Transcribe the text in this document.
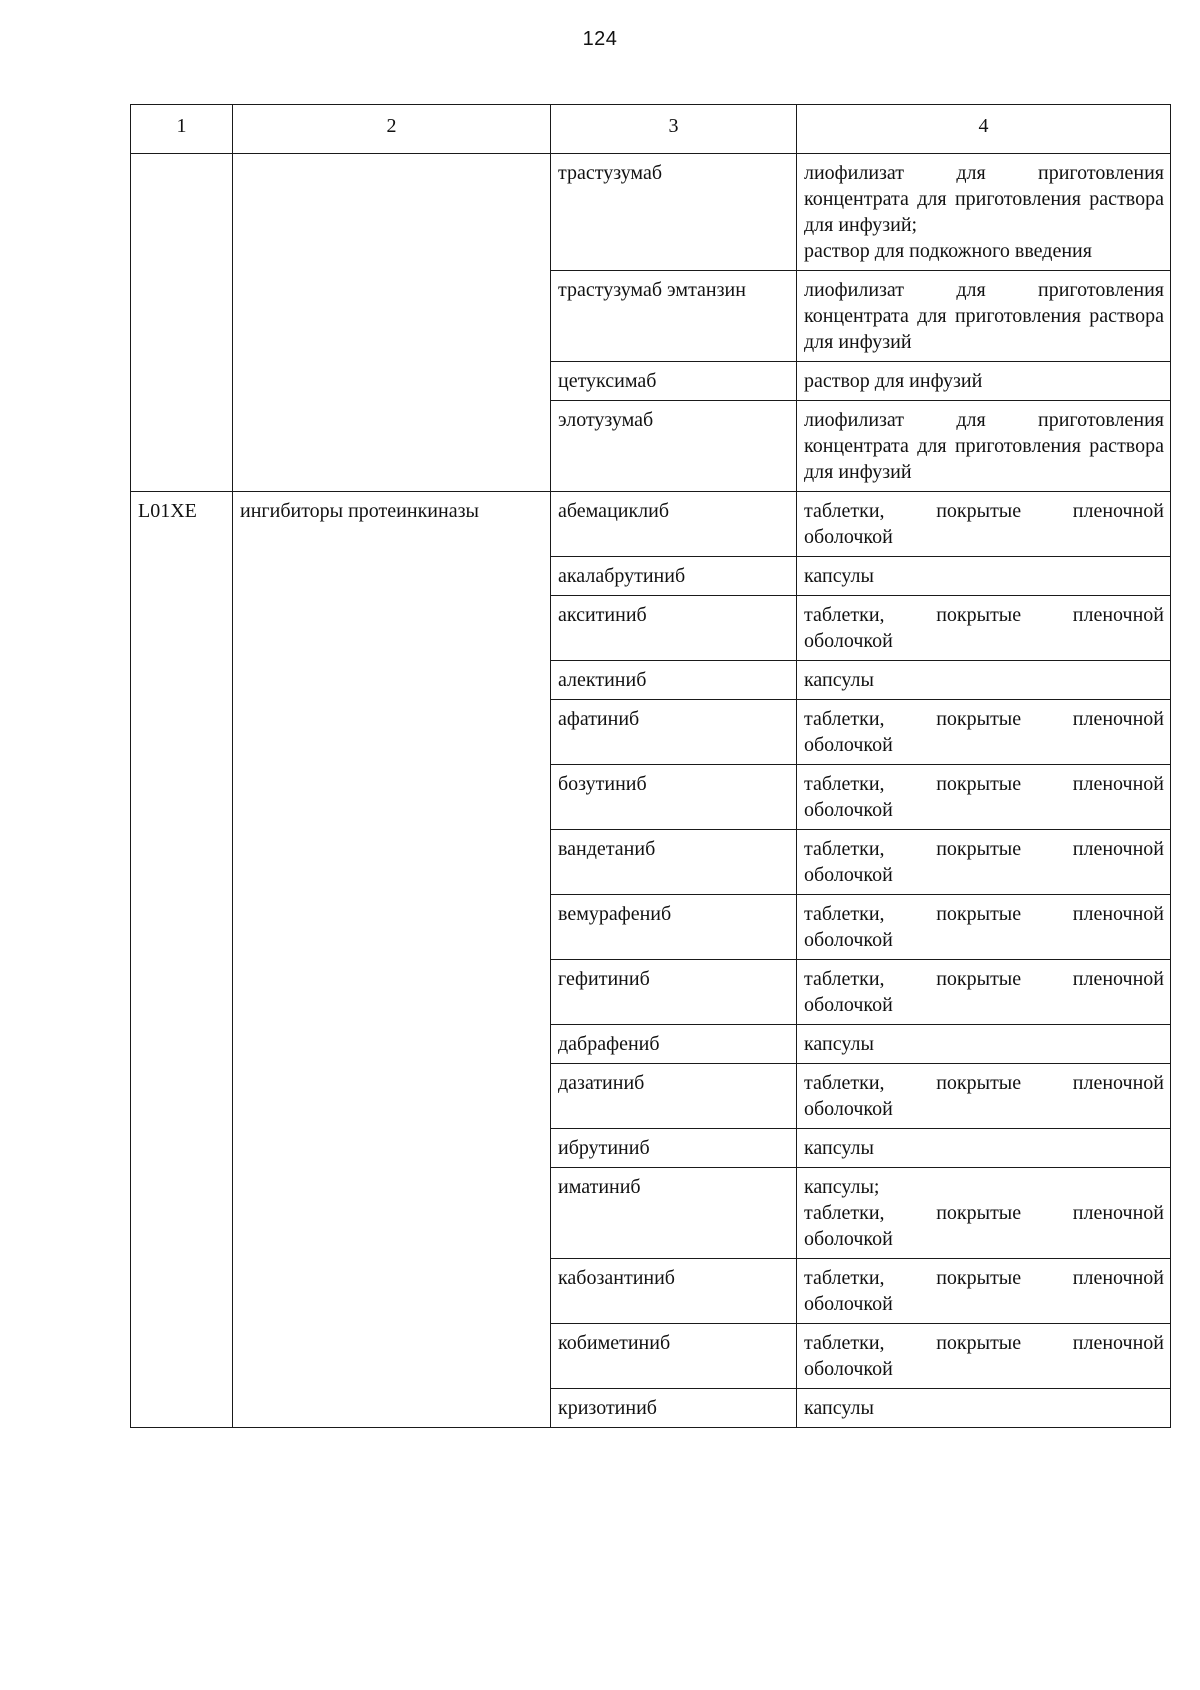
124
1	2	3	4

		трастузумаб	лиофилизат для приготовления концентрата для приготовления раствора для инфузий;
раствор для подкожного введения

		трастузумаб эмтанзин	лиофилизат для приготовления концентрата для приготовления раствора для инфузий

		цетуксимаб	раствор для инфузий

		элотузумаб	лиофилизат для приготовления концентрата для приготовления раствора для инфузий

L01XE	ингибиторы протеинкиназы	абемациклиб	таблетки, покрытые пленочной оболочкой

		акалабрутиниб	капсулы

		акситиниб	таблетки, покрытые пленочной оболочкой

		алектиниб	капсулы

		афатиниб	таблетки, покрытые пленочной оболочкой

		бозутиниб	таблетки, покрытые пленочной оболочкой

		вандетаниб	таблетки, покрытые пленочной оболочкой

		вемурафениб	таблетки, покрытые пленочной оболочкой

		гефитиниб	таблетки, покрытые пленочной оболочкой

		дабрафениб	капсулы

		дазатиниб	таблетки, покрытые пленочной оболочкой

		ибрутиниб	капсулы

		иматиниб	капсулы;
таблетки, покрытые пленочной оболочкой

		кабозантиниб	таблетки, покрытые пленочной оболочкой

		кобиметиниб	таблетки, покрытые пленочной оболочкой

		кризотиниб	капсулы
